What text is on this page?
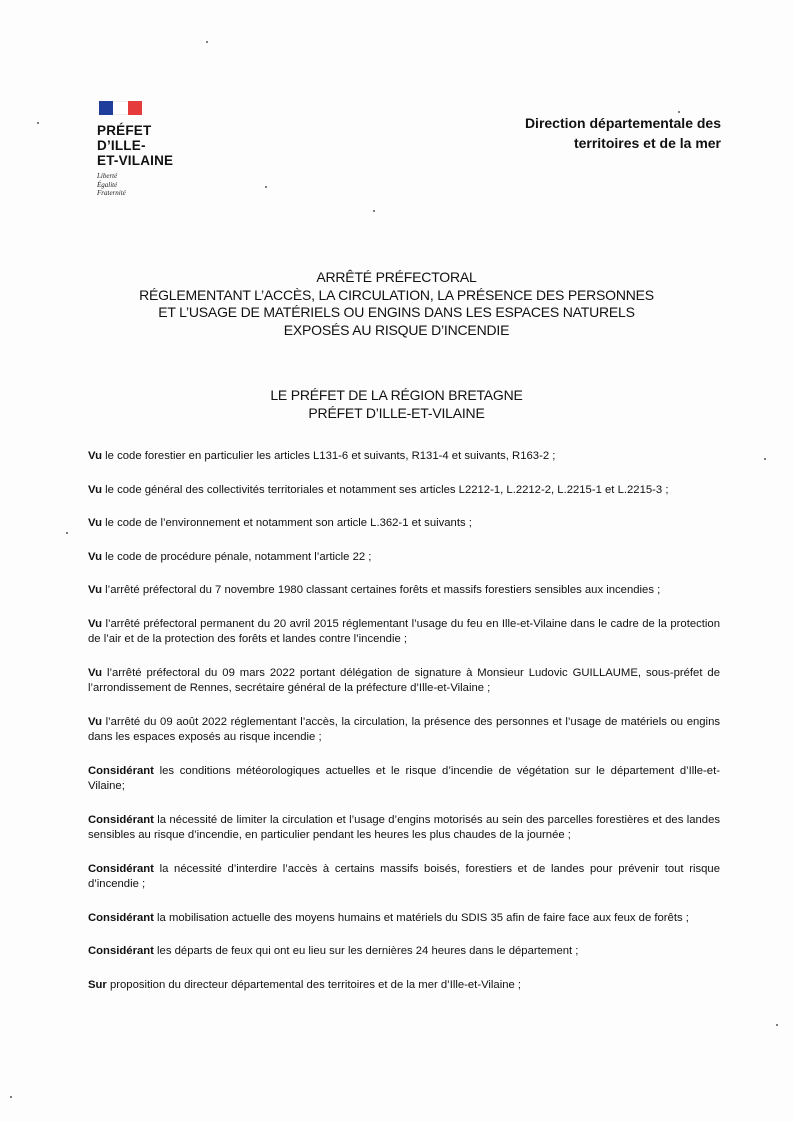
PRÉFET
D’ILLE-
ET-VILAINE
Liberté
Égalité
Fraternité
Direction départementale des
territoires et de la mer
ARRÊTÉ PRÉFECTORAL
RÉGLEMENTANT L’ACCÈS, LA CIRCULATION, LA PRÉSENCE DES PERSONNES
ET L’USAGE DE MATÉRIELS OU ENGINS DANS LES ESPACES NATURELS
EXPOSÉS AU RISQUE D’INCENDIE
LE PRÉFET DE LA RÉGION BRETAGNE
PRÉFET D’ILLE-ET-VILAINE

Vu le code forestier en particulier les articles L131-6 et suivants, R131-4 et suivants, R163-2 ;

Vu le code général des collectivités territoriales et notamment ses articles L2212-1, L.2212-2, L.2215-1 et L.2215-3 ;

Vu le code de l’environnement et notamment son article L.362-1 et suivants ;

Vu le code de procédure pénale, notamment l’article 22 ;

Vu l’arrêté préfectoral du 7 novembre 1980 classant certaines forêts et massifs forestiers sensibles aux incendies ;

Vu l’arrêté préfectoral permanent du 20 avril 2015 réglementant l’usage du feu en Ille-et-Vilaine dans le cadre de la protection de l’air et de la protection des forêts et landes contre l’incendie ;

Vu l’arrêté préfectoral du 09 mars 2022 portant délégation de signature à Monsieur Ludovic GUILLAUME, sous-préfet de l’arrondissement de Rennes, secrétaire général de la préfecture d’Ille-et-Vilaine ;

Vu l’arrêté du 09 août 2022 réglementant l’accès, la circulation, la présence des personnes et l’usage de matériels ou engins dans les espaces exposés au risque incendie ;

Considérant les conditions météorologiques actuelles et le risque d’incendie de végétation sur le département d’Ille-et-Vilaine;

Considérant la nécessité de limiter la circulation et l’usage d’engins motorisés au sein des parcelles forestières et des landes sensibles au risque d’incendie, en particulier pendant les heures les plus chaudes de la journée ;

Considérant la nécessité d’interdire l’accès à certains massifs boisés, forestiers et de landes pour prévenir tout risque d’incendie ;

Considérant la mobilisation actuelle des moyens humains et matériels du SDIS 35 afin de faire face aux feux de forêts ;

Considérant les départs de feux qui ont eu lieu sur les dernières 24 heures dans le département ;

Sur proposition du directeur départemental des territoires et de la mer d’Ille-et-Vilaine ;
